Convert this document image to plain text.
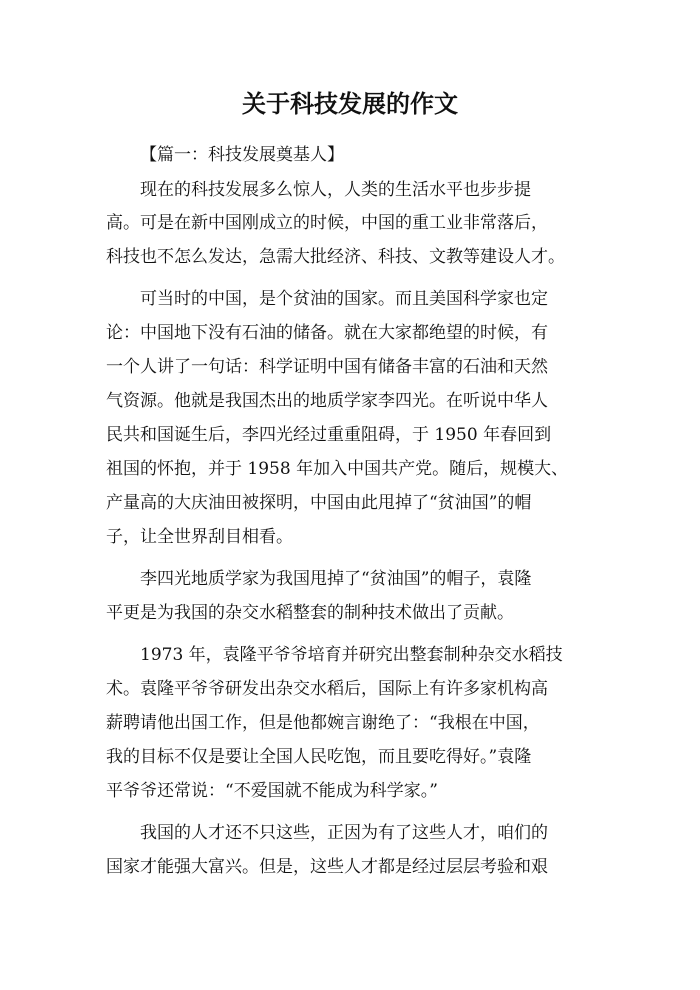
关于科技发展的作文
【篇一：科技发展奠基人】
现在的科技发展多么惊人，人类的生活水平也步步提
高。可是在新中国刚成立的时候，中国的重工业非常落后，
科技也不怎么发达，急需大批经济、科技、文教等建设人才。
可当时的中国，是个贫油的国家。而且美国科学家也定
论：中国地下没有石油的储备。就在大家都绝望的时候，有
一个人讲了一句话：科学证明中国有储备丰富的石油和天然
气资源。他就是我国杰出的地质学家李四光。在听说中华人
民共和国诞生后，李四光经过重重阻碍，于 1950 年春回到
祖国的怀抱，并于 1958 年加入中国共产党。随后，规模大、
产量高的大庆油田被探明，中国由此甩掉了“贫油国”的帽
子，让全世界刮目相看。
李四光地质学家为我国甩掉了“贫油国”的帽子，袁隆
平更是为我国的杂交水稻整套的制种技术做出了贡献。
1973 年，袁隆平爷爷培育并研究出整套制种杂交水稻技
术。袁隆平爷爷研发出杂交水稻后，国际上有许多家机构高
薪聘请他出国工作，但是他都婉言谢绝了：“我根在中国，
我的目标不仅是要让全国人民吃饱，而且要吃得好。”袁隆
平爷爷还常说：“不爱国就不能成为科学家。”
我国的人才还不只这些，正因为有了这些人才，咱们的
国家才能强大富兴。但是，这些人才都是经过层层考验和艰
